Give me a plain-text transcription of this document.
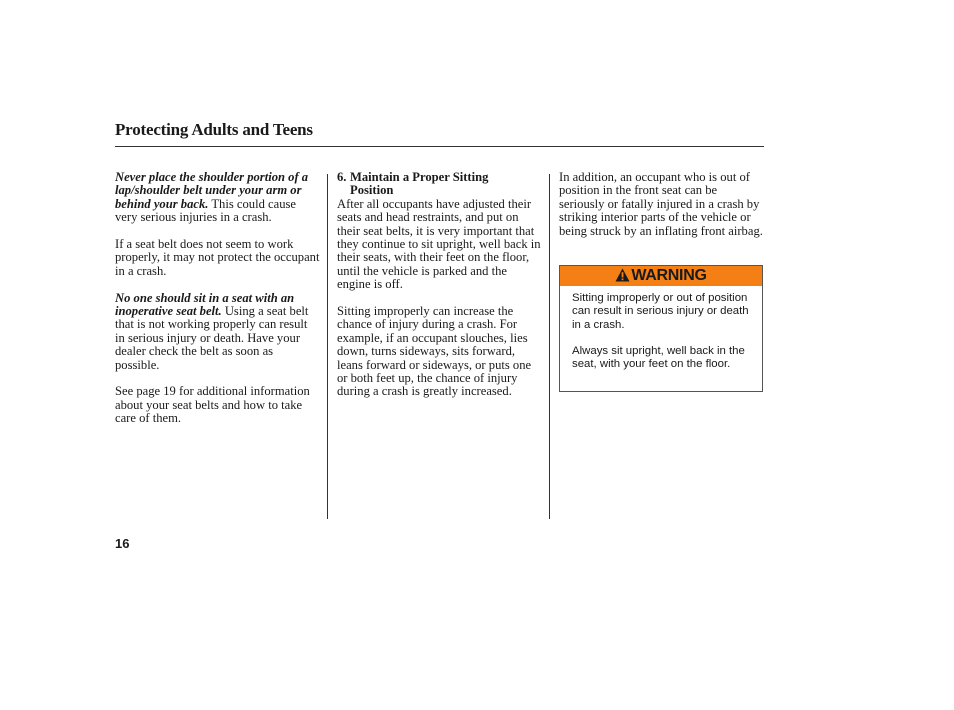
Protecting Adults and Teens

Never place the shoulder portion of a lap/shoulder belt under your arm or behind your back. This could cause very serious injuries in a crash.

If a seat belt does not seem to work properly, it may not protect the occupant in a crash.

No one should sit in a seat with an inoperative seat belt. Using a seat belt that is not working properly can result in serious injury or death. Have your dealer check the belt as soon as possible.

See page 19 for additional information about your seat belts and how to take care of them.

6. Maintain a Proper Sitting Position

After all occupants have adjusted their seats and head restraints, and put on their seat belts, it is very important that they continue to sit upright, well back in their seats, with their feet on the floor, until the vehicle is parked and the engine is off.

Sitting improperly can increase the chance of injury during a crash. For example, if an occupant slouches, lies down, turns sideways, sits forward, leans forward or sideways, or puts one or both feet up, the chance of injury during a crash is greatly increased.

In addition, an occupant who is out of position in the front seat can be seriously or fatally injured in a crash by striking interior parts of the vehicle or being struck by an inflating front airbag.

WARNING

Sitting improperly or out of position can result in serious injury or death in a crash.

Always sit upright, well back in the seat, with your feet on the floor.

16
